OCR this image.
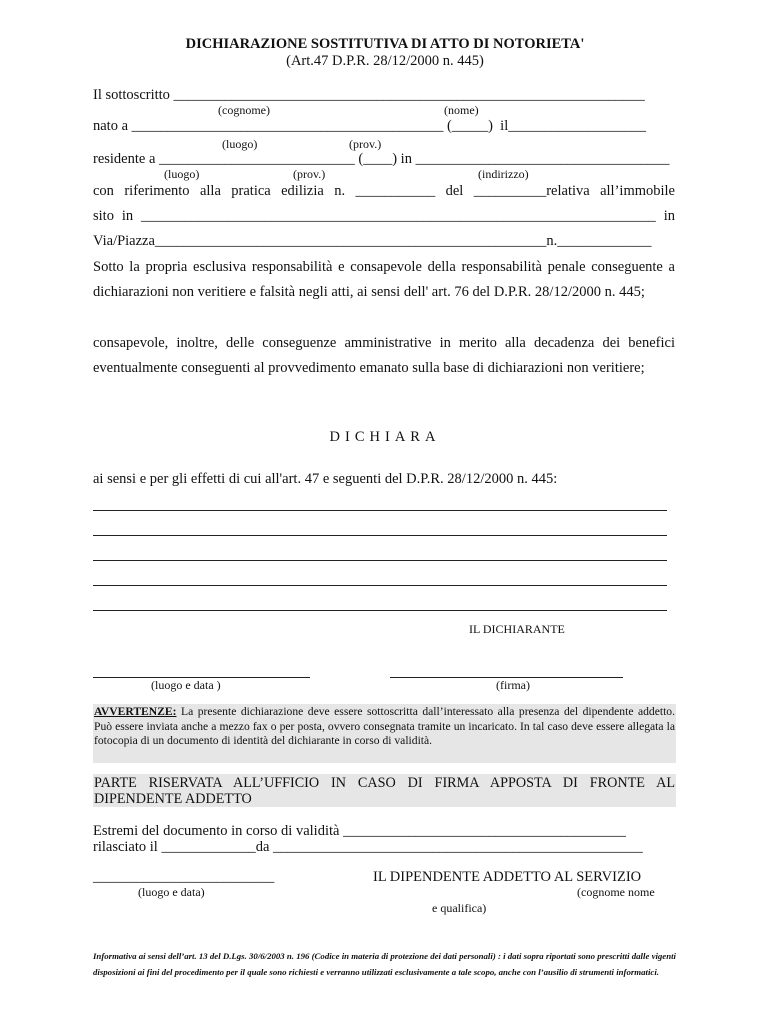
DICHIARAZIONE SOSTITUTIVA DI ATTO DI NOTORIETA'
(Art.47 D.P.R. 28/12/2000 n. 445)
Il sottoscritto _________________________________________________________________
(cognome)	(nome)
nato a ___________________________________________ (_____)  il___________________
(luogo)	(prov.)
residente a ___________________________ (____) in ___________________________________
(luogo)	(prov.)	(indirizzo)
con riferimento alla pratica edilizia n. ___________ del __________relativa all’immobile
sito in _______________________________________________________________________ in
Via/Piazza______________________________________________________n._____________
Sotto la propria esclusiva responsabilità e consapevole della responsabilità penale conseguente a dichiarazioni non veritiere e falsità negli atti, ai sensi dell' art. 76 del D.P.R. 28/12/2000 n. 445;
consapevole, inoltre, delle conseguenze amministrative in merito alla decadenza dei benefici eventualmente conseguenti al provvedimento emanato sulla base di dichiarazioni non veritiere;
DICHIARA
ai sensi e per gli effetti di cui all'art. 47 e seguenti del D.P.R. 28/12/2000 n. 445:
IL DICHIARANTE
(luogo e data )	(firma)
AVVERTENZE: La presente dichiarazione deve essere sottoscritta dall’interessato alla presenza del dipendente addetto. Può essere inviata anche a mezzo fax o per posta, ovvero consegnata tramite un incaricato. In tal caso deve essere allegata la fotocopia di un documento di identità del dichiarante in corso di validità.
PARTE RISERVATA ALL’UFFICIO IN CASO DI FIRMA APPOSTA DI FRONTE AL
DIPENDENTE ADDETTO
Estremi del documento in corso di validità _______________________________________
rilasciato il _____________da ___________________________________________________
_________________________
(luogo e data)
IL DIPENDENTE ADDETTO AL SERVIZIO
(cognome nome
e qualifica)
Informativa ai sensi dell’art. 13 del D.Lgs. 30/6/2003 n. 196 (Codice in materia di protezione dei dati personali) : i dati sopra riportati sono prescritti dalle vigenti disposizioni ai fini del procedimento per il quale sono richiesti e verranno utilizzati esclusivamente a tale scopo, anche con l’ausilio di strumenti informatici.
